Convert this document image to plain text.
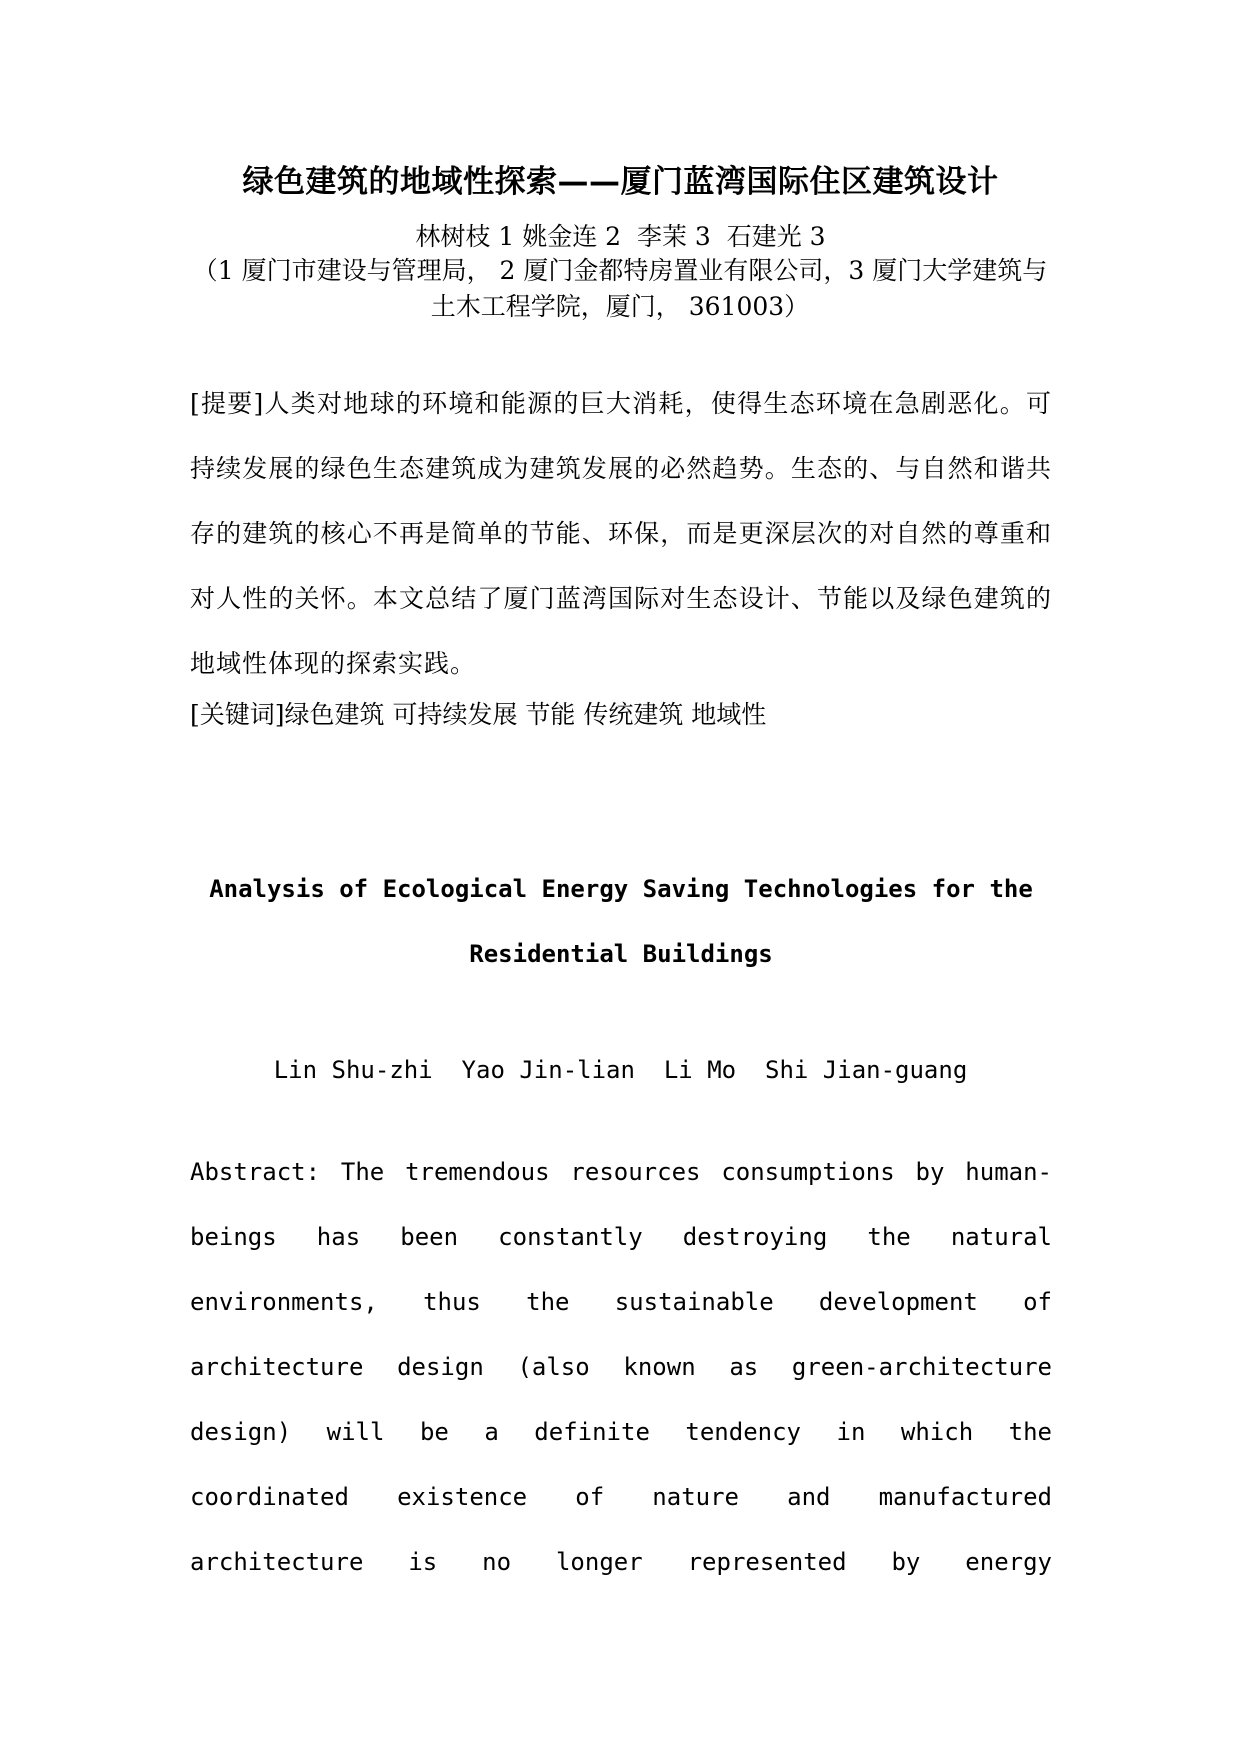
绿色建筑的地域性探索——厦门蓝湾国际住区建筑设计
林树枝 1 姚金连 2  李茉 3  石建光 3
（1 厦门市建设与管理局， 2 厦门金都特房置业有限公司，3 厦门大学建筑与土木工程学院，厦门， 361003）
[提要]人类对地球的环境和能源的巨大消耗，使得生态环境在急剧恶化。可持续发展的绿色生态建筑成为建筑发展的必然趋势。生态的、与自然和谐共存的建筑的核心不再是简单的节能、环保，而是更深层次的对自然的尊重和对人性的关怀。本文总结了厦门蓝湾国际对生态设计、节能以及绿色建筑的地域性体现的探索实践。
[关键词]绿色建筑 可持续发展 节能 传统建筑 地域性
Analysis of Ecological Energy Saving Technologies for the Residential Buildings
Lin Shu-zhi  Yao Jin-lian  Li Mo  Shi Jian-guang
Abstract: The tremendous resources consumptions by human-beings has been constantly destroying the natural environments, thus the sustainable development of architecture design (also known as green-architecture design) will be a definite tendency in which the coordinated existence of nature and manufactured architecture is no longer represented by energy
